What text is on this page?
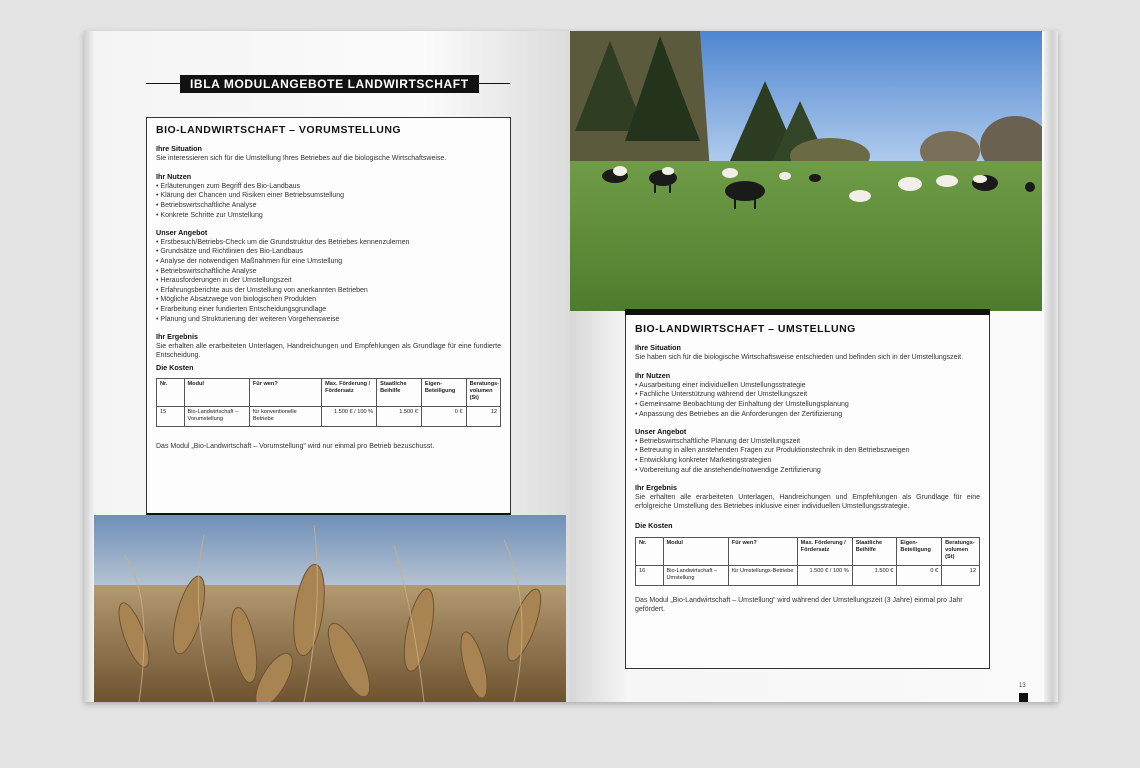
IBLA MODULANGEBOTE LANDWIRTSCHAFT
BIO-LANDWIRTSCHAFT – VORUMSTELLUNG
Ihre Situation
Sie interessieren sich für die Umstellung Ihres Betriebes auf die biologische Wirtschaftsweise.
Ihr Nutzen
• Erläuterungen zum Begriff des Bio-Landbaus
• Klärung der Chancen und Risiken einer Betriebsumstellung
• Betriebswirtschaftliche Analyse
• Konkrete Schritte zur Umstellung
Unser Angebot
• Erstbesuch/Betriebs-Check um die Grundstruktur des Betriebes kennenzulernen
• Grundsätze und Richtlinien des Bio-Landbaus
• Analyse der notwendigen Maßnahmen für eine Umstellung
• Betriebswirtschaftliche Analyse
• Herausforderungen in der Umstellungszeit
• Erfahrungsberichte aus der Umstellung von anerkannten Betrieben
• Mögliche Absatzwege von biologischen Produkten
• Erarbeitung einer fundierten Entscheidungsgrundlage
• Planung und Strukturierung der weiteren Vorgehensweise
Ihr Ergebnis
Sie erhalten alle erarbeiteten Unterlagen, Handreichungen und Empfehlungen als Grundlage für eine fundierte Entscheidung.
Die Kosten
Nr.	Modul	Für wen?	Max. Förderung / Fördersatz	Staatliche Beihilfe	Eigen-Beteiligung	Beratungs-volumen (St)
15	Bio-Landwirtschaft – Vorumstellung	für konventionelle Betriebe	1.500 € / 100 %	1.500 €	0 €	12
Das Modul „Bio-Landwirtschaft – Vorumstellung“ wird nur einmal pro Betrieb bezuschusst.
BIO-LANDWIRTSCHAFT – UMSTELLUNG
Ihre Situation
Sie haben sich für die biologische Wirtschaftsweise entschieden und befinden sich in der Umstellungszeit.
Ihr Nutzen
• Ausarbeitung einer individuellen Umstellungsstrategie
• Fachliche Unterstützung während der Umstellungszeit
• Gemeinsame Beobachtung der Einhaltung der Umstellungsplanung
• Anpassung des Betriebes an die Anforderungen der Zertifizierung
Unser Angebot
• Betriebswirtschaftliche Planung der Umstellungszeit
• Betreuung in allen anstehenden Fragen zur Produktionstechnik in den Betriebszweigen
• Entwicklung konkreter Marketingstrategien
• Vorbereitung auf die anstehende/notwendige Zertifizierung
Ihr Ergebnis
Sie erhalten alle erarbeiteten Unterlagen, Handreichungen und Empfehlungen als Grundlage für eine erfolgreiche Umstellung des Betriebes inklusive einer individuellen Umstellungsstrategie.
Die Kosten
Nr.	Modul	Für wen?	Max. Förderung / Fördersatz	Staatliche Beihilfe	Eigen-Beteiligung	Beratungs-volumen (St)
16	Bio-Landwirtschaft – Umstellung	für Umstellungs-Betriebe	1.500 € / 100 %	1.500 €	0 €	12
Das Modul „Bio-Landwirtschaft – Umstellung“ wird während der Umstellungszeit (3 Jahre) einmal pro Jahr gefördert.
13
